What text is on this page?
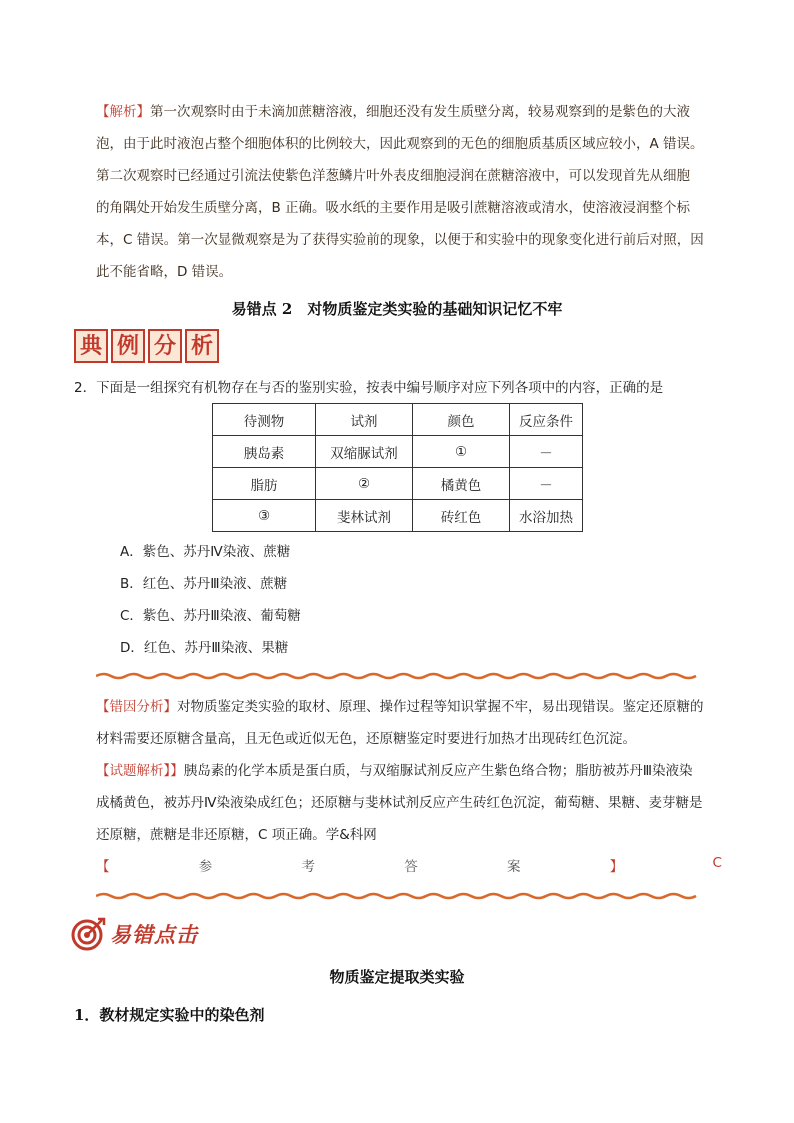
【解析】第一次观察时由于未滴加蔗糖溶液，细胞还没有发生质壁分离，较易观察到的是紫色的大液
泡，由于此时液泡占整个细胞体积的比例较大，因此观察到的无色的细胞质基质区域应较小，A 错误。
第二次观察时已经通过引流法使紫色洋葱鳞片叶外表皮细胞浸润在蔗糖溶液中，可以发现首先从细胞
的角隅处开始发生质壁分离，B 正确。吸水纸的主要作用是吸引蔗糖溶液或清水，使溶液浸润整个标
本，C 错误。第一次显微观察是为了获得实验前的现象，以便于和实验中的现象变化进行前后对照，因
此不能省略，D 错误。
易错点 2　对物质鉴定类实验的基础知识记忆不牢
典 例 分 析
2．下面是一组探究有机物存在与否的鉴别实验，按表中编号顺序对应下列各项中的内容，正确的是
待测物	试剂	颜色	反应条件
胰岛素	双缩脲试剂	①	－
脂肪	②	橘黄色	－
③	斐林试剂	砖红色	水浴加热
A．紫色、苏丹Ⅳ染液、蔗糖
B．红色、苏丹Ⅲ染液、蔗糖
C．紫色、苏丹Ⅲ染液、葡萄糖
D．红色、苏丹Ⅲ染液、果糖
【错因分析】对物质鉴定类实验的取材、原理、操作过程等知识掌握不牢，易出现错误。鉴定还原糖的
材料需要还原糖含量高，且无色或近似无色，还原糖鉴定时要进行加热才出现砖红色沉淀。
【试题解析】】胰岛素的化学本质是蛋白质，与双缩脲试剂反应产生紫色络合物；脂肪被苏丹Ⅲ染液染
成橘黄色，被苏丹Ⅳ染液染成红色；还原糖与斐林试剂反应产生砖红色沉淀，葡萄糖、果糖、麦芽糖是
还原糖，蔗糖是非还原糖，C 项正确。学&科网
【	参	考	答	案	】	C
易错点击
物质鉴定提取类实验
1．教材规定实验中的染色剂
